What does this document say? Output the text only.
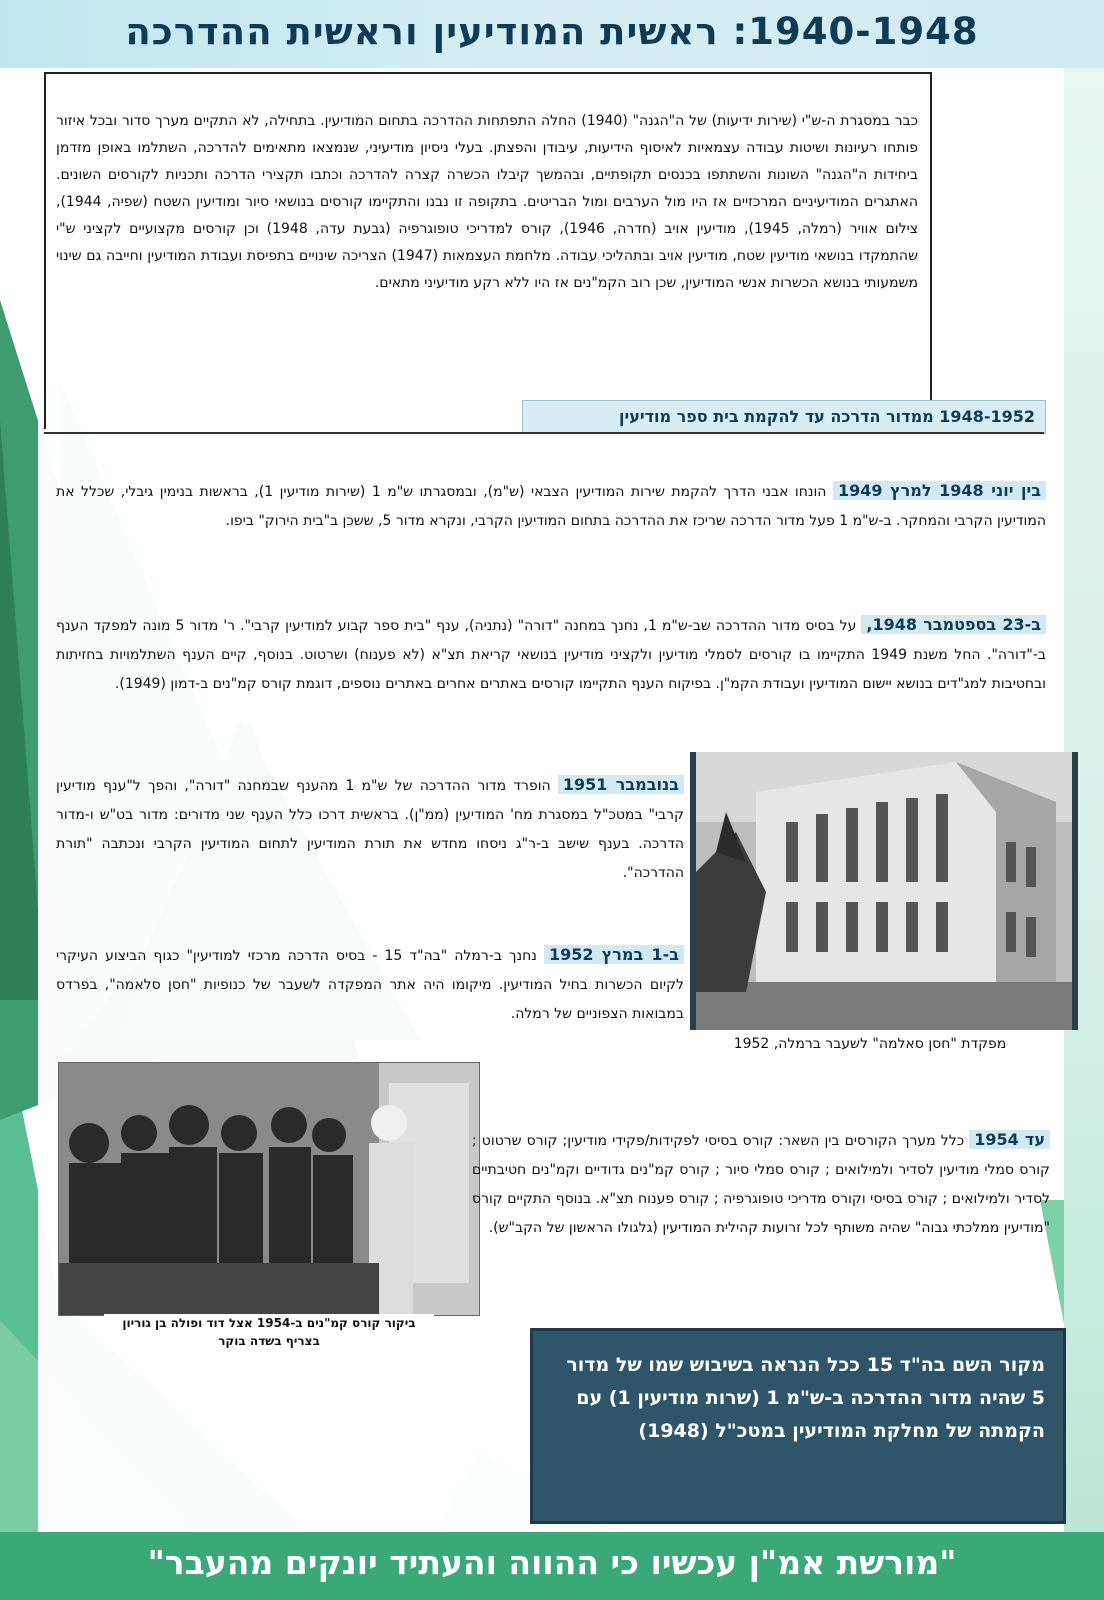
1940-1948: ראשית המודיעין וראשית ההדרכה
כבר במסגרת ה-ש"י (שירות ידיעות) של ה"הגנה" (1940) החלה התפתחות ההדרכה בתחום המודיעין. בתחילה, לא התקיים מערך סדור ובכל איזור פותחו רעיונות ושיטות עבודה עצמאיות לאיסוף הידיעות, עיבודן והפצתן. בעלי ניסיון מודיעיני, שנמצאו מתאימים להדרכה, השתלמו באופן מזדמן ביחידות ה"הגנה" השונות והשתתפו בכנסים תקופתיים, ובהמשך קיבלו הכשרה קצרה להדרכה וכתבו תקצירי הדרכה ותכניות לקורסים השונים. האתגרים המודיעיניים המרכזיים אז היו מול הערבים ומול הבריטים. בתקופה זו נבנו והתקיימו קורסים בנושאי סיור ומודיעין השטח (שפיה, 1944), צילום אוויר (רמלה, 1945), מודיעין אויב (חדרה, 1946), קורס למדריכי טופוגרפיה (גבעת עדה, 1948) וכן קורסים מקצועיים לקציני ש"י שהתמקדו בנושאי מודיעין שטח, מודיעין אויב ובתהליכי עבודה. מלחמת העצמאות (1947) הצריכה שינויים בתפיסת ועבודת המודיעין וחייבה גם שינוי משמעותי בנושא הכשרות אנשי המודיעין, שכן רוב הקמ"נים אז היו ללא רקע מודיעיני מתאים.
1948-1952 ממדור הדרכה עד להקמת בית ספר מודיעין
בין יוני 1948 למרץ 1949 הונחו אבני הדרך להקמת שירות המודיעין הצבאי (ש"מ), ובמסגרתו ש"מ 1 (שירות מודיעין 1), בראשות בנימין גיבלי, שכלל את המודיעין הקרבי והמחקר. ב-ש"מ 1 פעל מדור הדרכה שריכז את ההדרכה בתחום המודיעין הקרבי, ונקרא מדור 5, ששכן ב"בית הירוק" ביפו.
ב-23 בספטמבר 1948, על בסיס מדור ההדרכה שב-ש"מ 1, נחנך במחנה "דורה" (נתניה), ענף "בית ספר קבוע למודיעין קרבי". ר' מדור 5 מונה למפקד הענף ב-"דורה". החל משנת 1949 התקיימו בו קורסים לסמלי מודיעין ולקציני מודיעין בנושאי קריאת תצ"א (לא פענוח) ושרטוט. בנוסף, קיים הענף השתלמויות בחזיתות ובחטיבות למג"דים בנושא יישום המודיעין ועבודת הקמ"ן. בפיקוח הענף התקיימו קורסים באתרים אחרים באתרים נוספים, דוגמת קורס קמ"נים ב-דמון (1949).
מפקדת "חסן סאלמה" לשעבר ברמלה, 1952
בנובמבר 1951 הופרד מדור ההדרכה של ש"מ 1 מהענף שבמחנה "דורה", והפך ל"ענף מודיעין קרבי" במטכ"ל במסגרת מח' המודיעין (ממ"ן). בראשית דרכו כלל הענף שני מדורים: מדור בט"ש ו-מדור הדרכה. בענף שישב ב-ר"ג ניסחו מחדש את תורת המודיעין לתחום המודיעין הקרבי ונכתבה "תורת ההדרכה".
ב-1 במרץ 1952 נחנך ב-רמלה "בה"ד 15 - בסיס הדרכה מרכזי למודיעין" כגוף הביצוע העיקרי לקיום הכשרות בחיל המודיעין. מיקומו היה אתר המפקדה לשעבר של כנופיות "חסן סלאמה", בפרדס במבואות הצפוניים של רמלה.
ביקור קורס קמ"נים ב-1954 אצל דוד ופולה בן גוריון בצריף בשדה בוקר
עד 1954 כלל מערך הקורסים בין השאר: קורס בסיסי לפקידות/פקידי מודיעין; קורס שרטוט ; קורס סמלי מודיעין לסדיר ולמילואים ; קורס סמלי סיור ; קורס קמ"נים גדודיים וקמ"נים חטיבתיים לסדיר ולמילואים ; קורס בסיסי וקורס מדריכי טופוגרפיה ; קורס פענוח תצ"א. בנוסף התקיים קורס "מודיעין ממלכתי גבוה" שהיה משותף לכל זרועות קהילית המודיעין (גלגולו הראשון של הקב"ש).
מקור השם בה"ד 15 ככל הנראה בשיבוש שמו של מדור 5 שהיה מדור ההדרכה ב-ש"מ 1 (שרות מודיעין 1) עם הקמתה של מחלקת המודיעין במטכ"ל (1948)
"מורשת אמ"ן עכשיו כי ההווה והעתיד יונקים מהעבר"
